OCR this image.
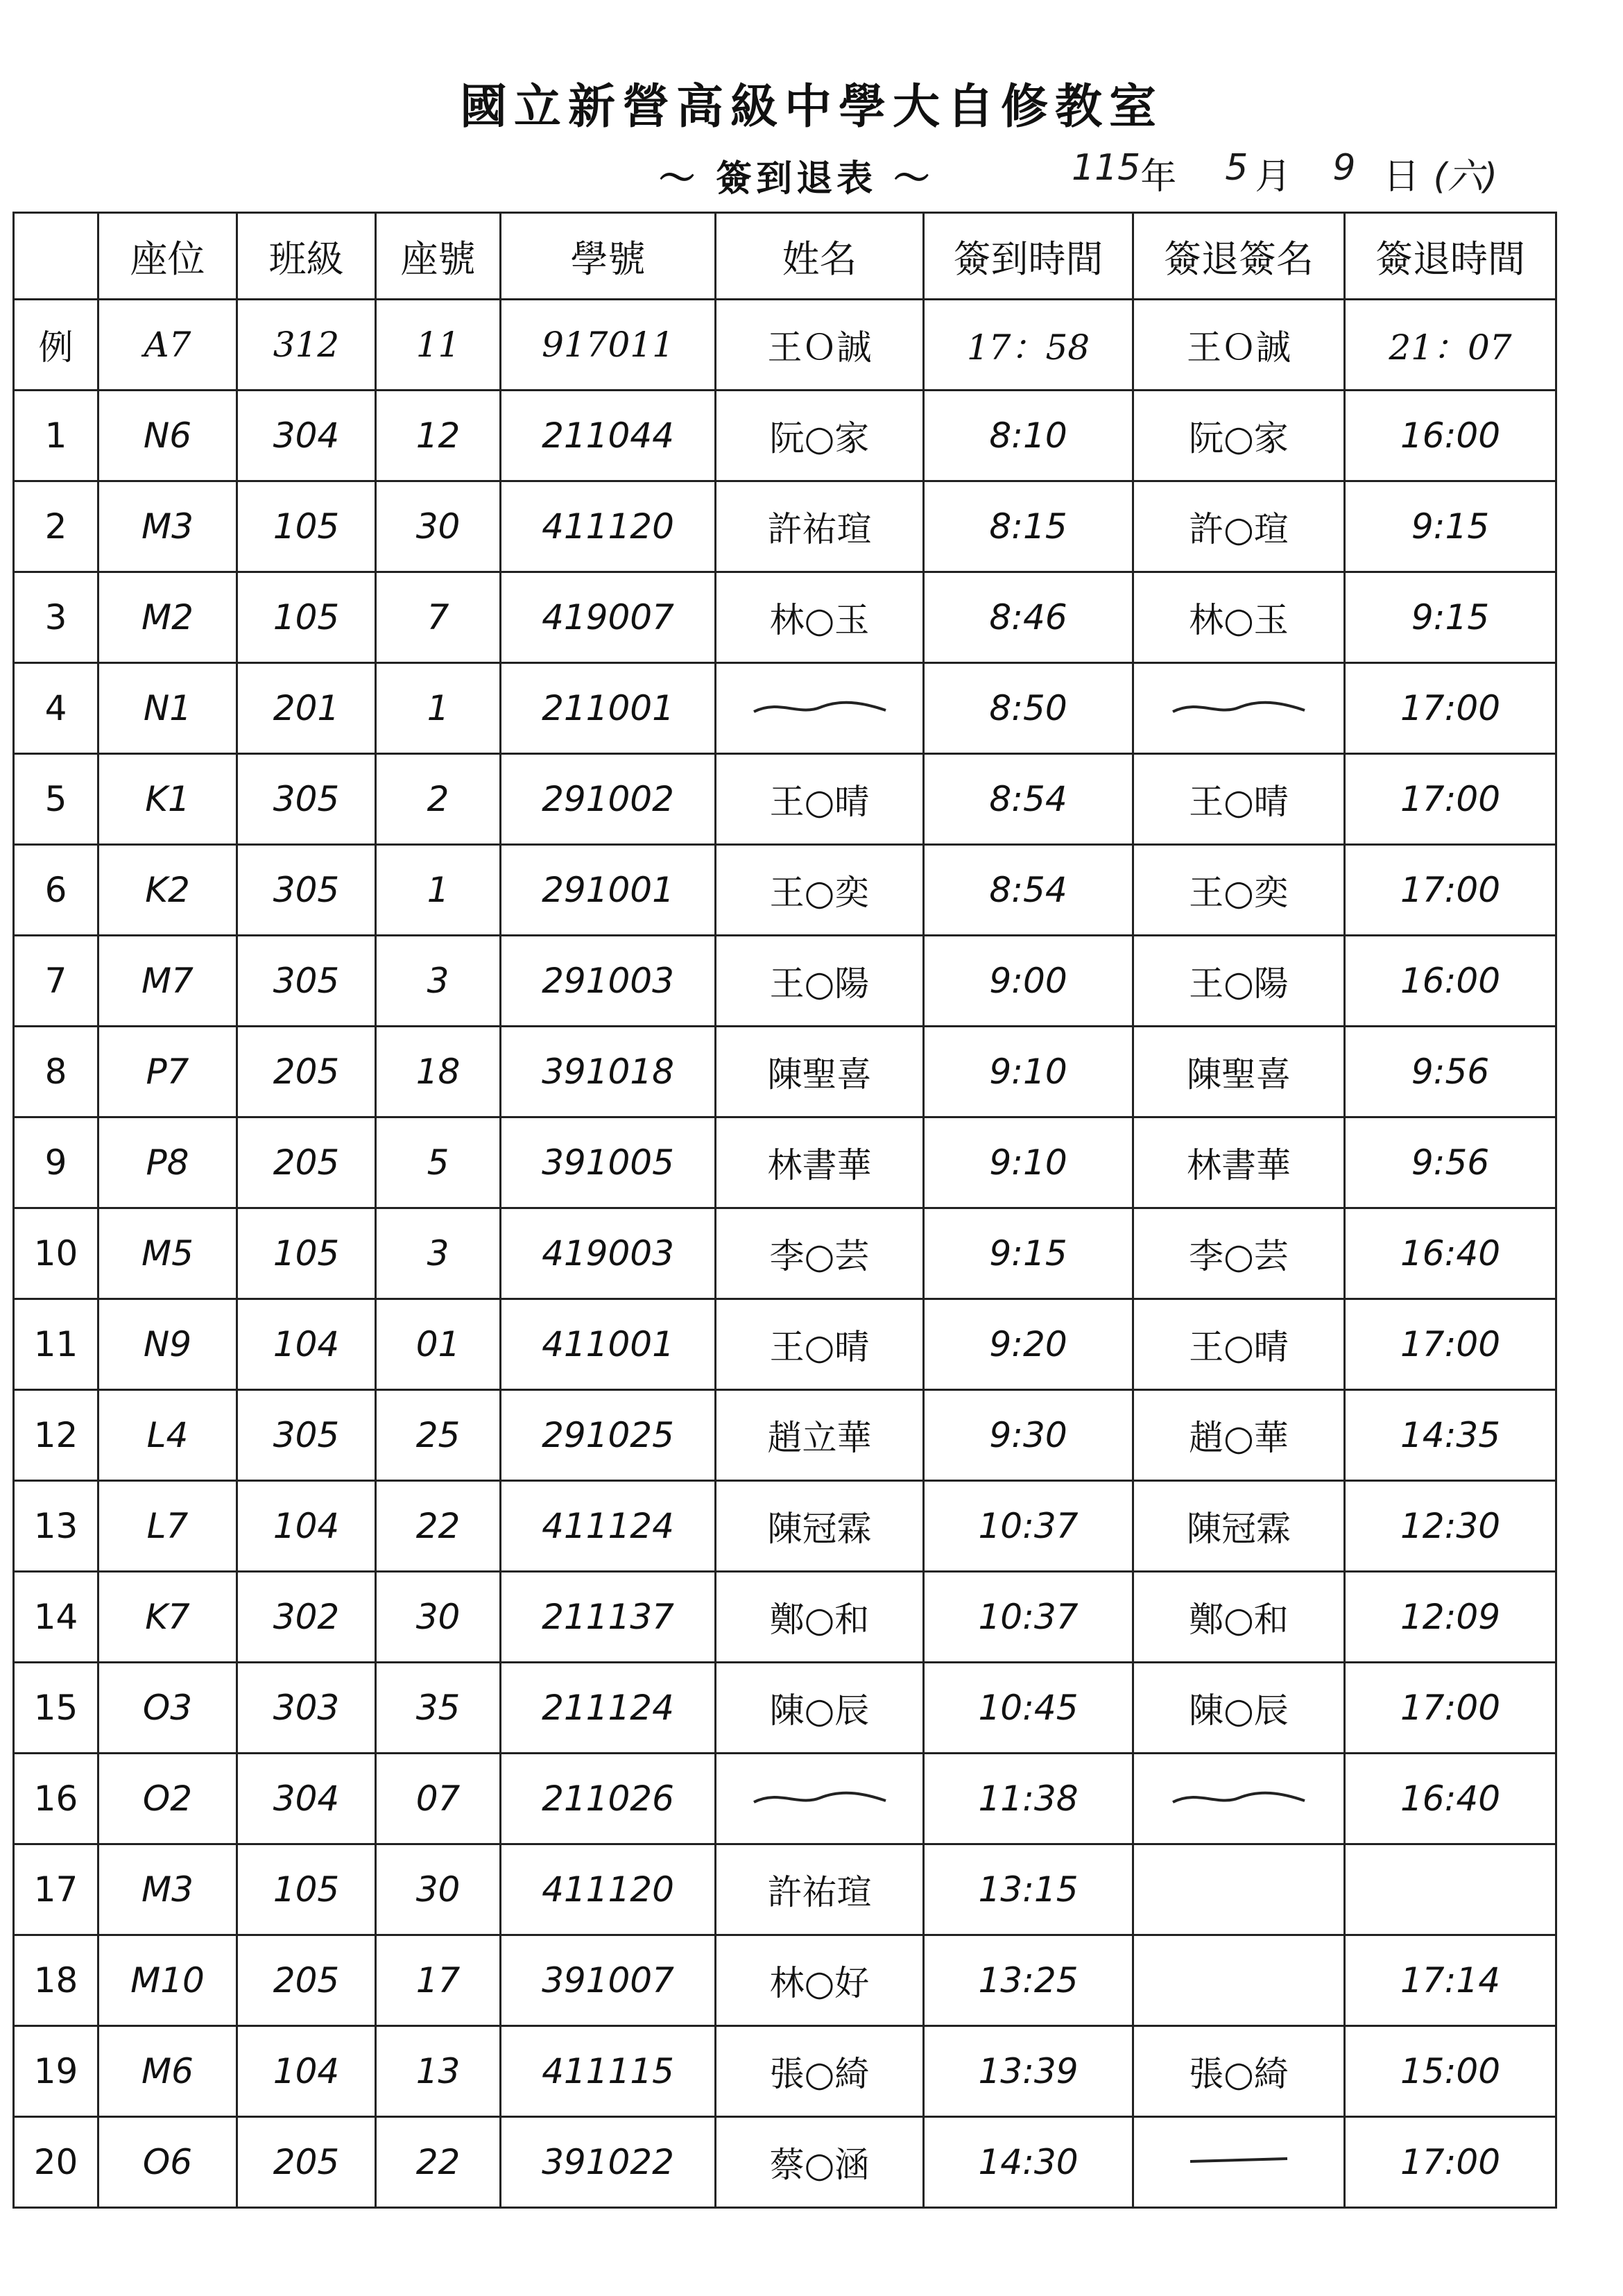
國立新營高級中學大自修教室
～ 簽到退表 ～	115 年 5 月 9 日 (六)
	座位	班級	座號	學號	姓名	簽到時間	簽退簽名	簽退時間
例	A7	312	11	917011	王Ｏ誠	17：58	王Ｏ誠	21：07
1	N6	304	12	211044	阮○家	8:10	阮○家	16:00
2	M3	105	30	411120	許祐瑄	8:15	許○瑄	9:15
3	M2	105	7	419007	林○玉	8:46	林○玉	9:15
4	N1	201	1	211001		8:50		17:00
5	K1	305	2	291002	王○晴	8:54	王○晴	17:00
6	K2	305	1	291001	王○奕	8:54	王○奕	17:00
7	M7	305	3	291003	王○陽	9:00	王○陽	16:00
8	P7	205	18	391018	陳聖喜	9:10	陳聖喜	9:56
9	P8	205	5	391005	林書華	9:10	林書華	9:56
10	M5	105	3	419003	李○芸	9:15	李○芸	16:40
11	N9	104	01	411001	王○晴	9:20	王○晴	17:00
12	L4	305	25	291025	趙立華	9:30	趙○華	14:35
13	L7	104	22	411124	陳冠霖	10:37	陳冠霖	12:30
14	K7	302	30	211137	鄭○和	10:37	鄭○和	12:09
15	O3	303	35	211124	陳○辰	10:45	陳○辰	17:00
16	O2	304	07	211026		11:38		16:40
17	M3	105	30	411120	許祐瑄	13:15		
18	M10	205	17	391007	林○好	13:25		17:14
19	M6	104	13	411115	張○綺	13:39	張○綺	15:00
20	O6	205	22	391022	蔡○涵	14:30		17:00
